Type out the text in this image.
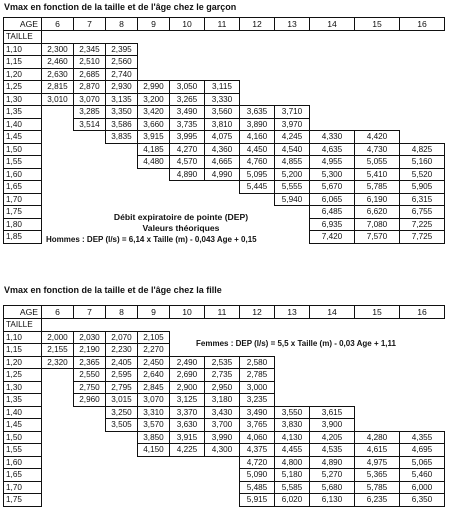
Vmax en fonction de la taille et de l'âge chez le garçon
AGE	6	7	8	9	10	11	12	13	14	15	16
TAILLE											
1,10	2,300	2,345	2,395								
1,15	2,460	2,510	2,560								
1,20	2,630	2,685	2,740								
1,25	2,815	2,870	2,930	2,990	3,050	3,115					
1,30	3,010	3,070	3,135	3,200	3,265	3,330					
1,35		3,285	3,350	3,420	3,490	3,560	3,635	3,710			
1,40		3,514	3,586	3,660	3,735	3,810	3,890	3,970			
1,45			3,835	3,915	3,995	4,075	4,160	4,245	4,330	4,420	
1,50				4,185	4,270	4,360	4,450	4,540	4,635	4,730	4,825
1,55				4,480	4,570	4,665	4,760	4,855	4,955	5,055	5,160
1,60					4,890	4,990	5,095	5,200	5,300	5,410	5,520
1,65							5,445	5,555	5,670	5,785	5,905
1,70								5,940	6,065	6,190	6,315
1,75									6,485	6,620	6,755
1,80									6,935	7,080	7,225
1,85									7,420	7,570	7,725
Débit expiratoire de pointe (DEP)
Valeurs théoriques
Hommes : DEP (l/s) = 6,14 x Taille (m) - 0,043 Age + 0,15
Vmax en fonction de la taille et de l'âge chez la fille
AGE	6	7	8	9	10	11	12	13	14	15	16
TAILLE											
1,10	2,000	2,030	2,070	2,105							
1,15	2,155	2,190	2,230	2,270							
1,20	2,320	2,365	2,405	2,450	2,490	2,535	2,580				
1,25		2,550	2,595	2,640	2,690	2,735	2,785				
1,30		2,750	2,795	2,845	2,900	2,950	3,000				
1,35		2,960	3,015	3,070	3,125	3,180	3,235				
1,40			3,250	3,310	3,370	3,430	3,490	3,550	3,615		
1,45			3,505	3,570	3,630	3,700	3,765	3,830	3,900		
1,50				3,850	3,915	3,990	4,060	4,130	4,205	4,280	4,355
1,55				4,150	4,225	4,300	4,375	4,455	4,535	4,615	4,695
1,60							4,720	4,800	4,890	4,975	5,065
1,65							5,090	5,180	5,270	5,365	5,460
1,70							5,485	5,585	5,680	5,785	6,000
1,75							5,915	6,020	6,130	6,235	6,350
Femmes : DEP (l/s) = 5,5 x Taille (m) - 0,03 Age + 1,11
